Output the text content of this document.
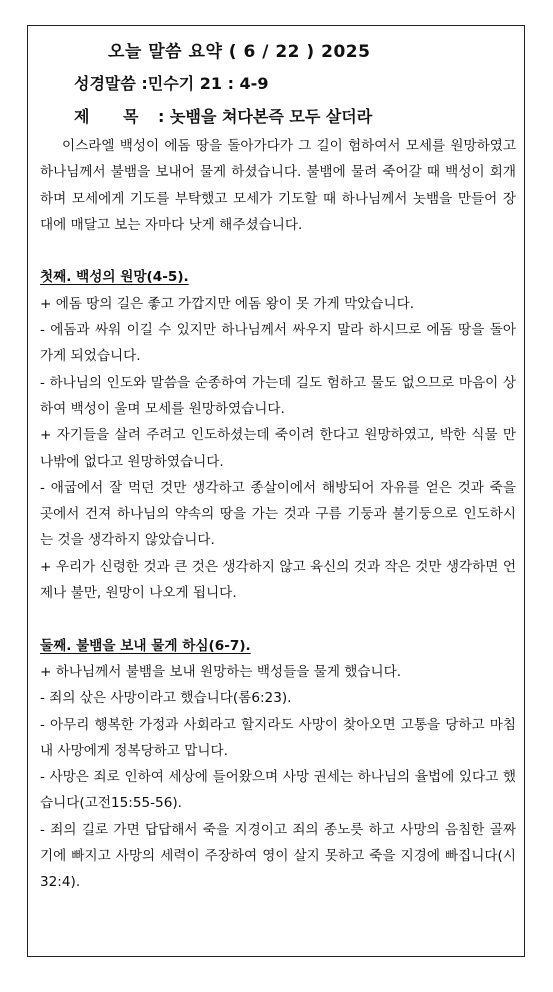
오늘 말씀 요약 ( 6 / 22 ) 2025
성경말씀 :민수기 21 : 4-9
제 목 : 놋뱀을 쳐다본즉 모두 살더라

이스라엘 백성이 에돔 땅을 돌아가다가 그 길이 험하여서 모세를 원망하였고 하나님께서 불뱀을 보내어 물게 하셨습니다. 불뱀에 물려 죽어갈 때 백성이 회개하며 모세에게 기도를 부탁했고 모세가 기도할 때 하나님께서 놋뱀을 만들어 장대에 매달고 보는 자마다 낫게 해주셨습니다.

첫째. 백성의 원망(4-5).

+ 에돔 땅의 길은 좋고 가깝지만 에돔 왕이 못 가게 막았습니다.

- 에돔과 싸워 이길 수 있지만 하나님께서 싸우지 말라 하시므로 에돔 땅을 돌아가게 되었습니다.

- 하나님의 인도와 말씀을 순종하여 가는데 길도 험하고 물도 없으므로 마음이 상하여 백성이 울며 모세를 원망하였습니다.

+ 자기들을 살려 주려고 인도하셨는데 죽이려 한다고 원망하였고, 박한 식물 만나밖에 없다고 원망하였습니다.

- 애굽에서 잘 먹던 것만 생각하고 종살이에서 해방되어 자유를 얻은 것과 죽을 곳에서 건져 하나님의 약속의 땅을 가는 것과 구름 기둥과 불기둥으로 인도하시는 것을 생각하지 않았습니다.

+ 우리가 신령한 것과 큰 것은 생각하지 않고 육신의 것과 작은 것만 생각하면 언제나 불만, 원망이 나오게 됩니다.

둘째. 불뱀을 보내 물게 하심(6-7).

+ 하나님께서 불뱀을 보내 원망하는 백성들을 물게 했습니다.

- 죄의 삯은 사망이라고 했습니다(롬6:23).

- 아무리 행복한 가정과 사회라고 할지라도 사망이 찾아오면 고통을 당하고 마침내 사망에게 정복당하고 맙니다.

- 사망은 죄로 인하여 세상에 들어왔으며 사망 권세는 하나님의 율법에 있다고 했습니다(고전15:55-56).

- 죄의 길로 가면 답답해서 죽을 지경이고 죄의 종노릇 하고 사망의 음침한 골짜기에 빠지고 사망의 세력이 주장하여 영이 살지 못하고 죽을 지경에 빠집니다(시32:4).
